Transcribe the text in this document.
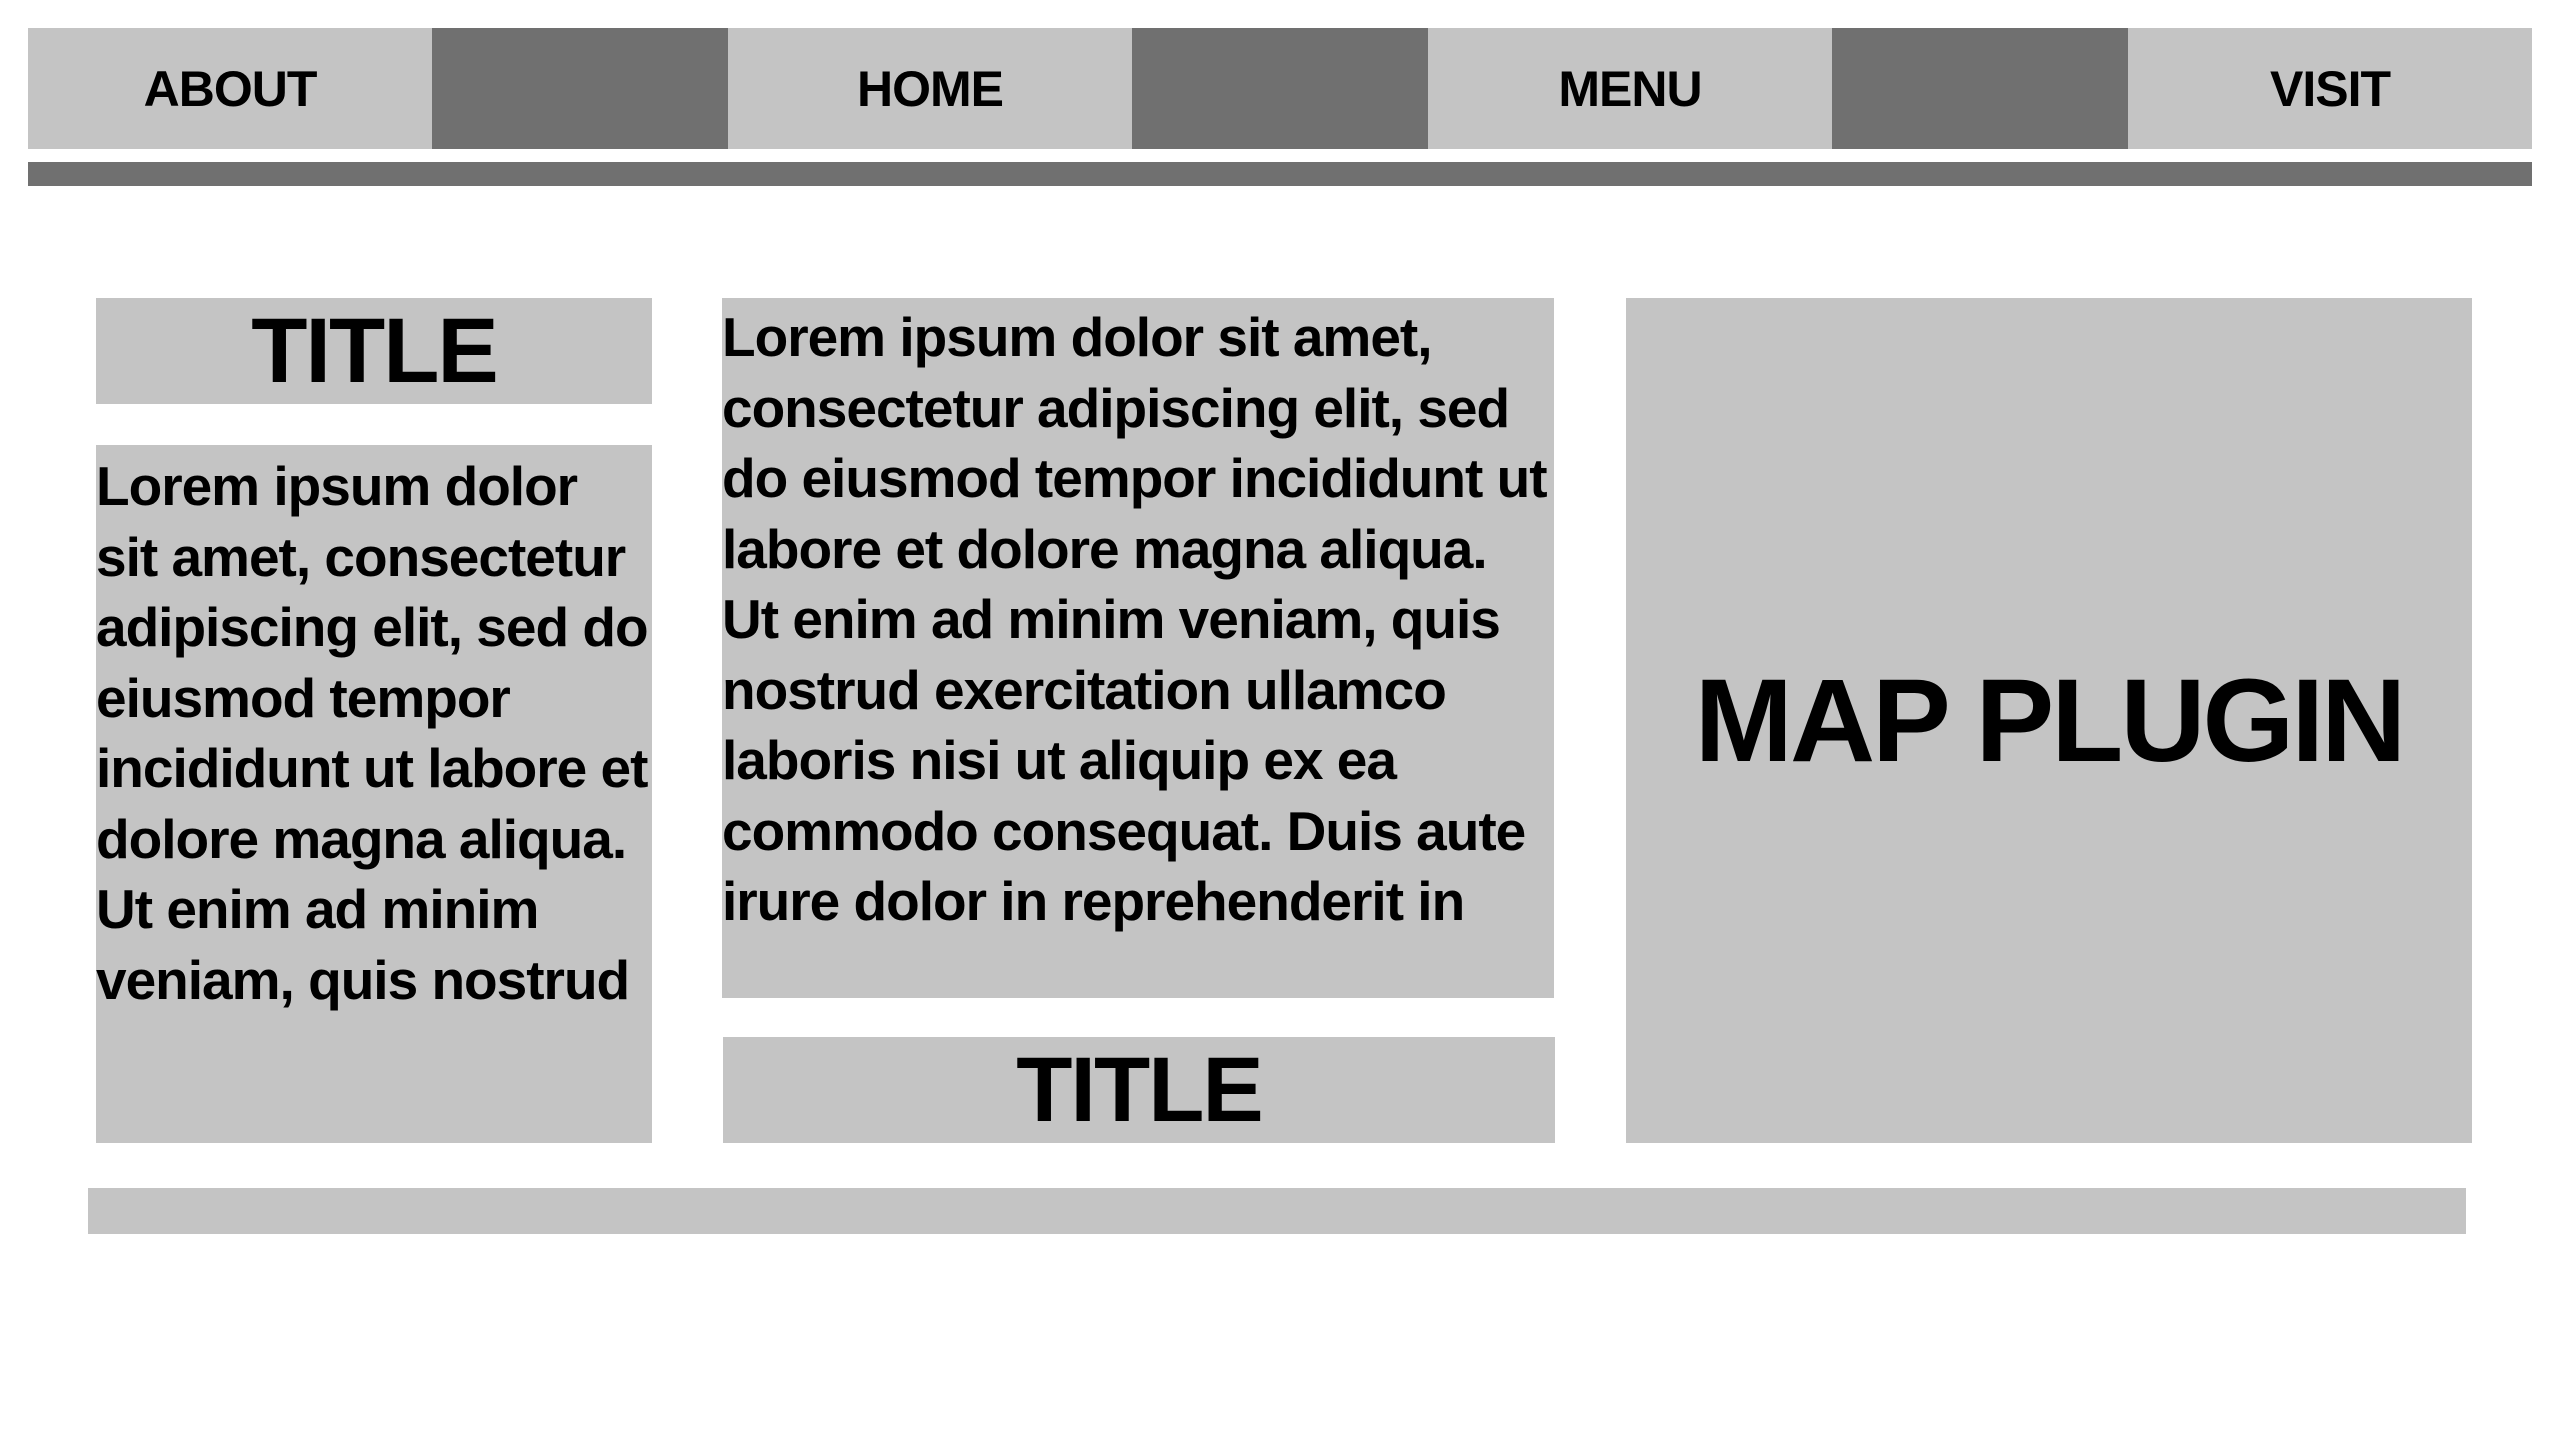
ABOUT	HOME	MENU	VISIT
TITLE
Lorem ipsum dolor sit amet, consectetur adipiscing elit, sed do eiusmod tempor incididunt ut labore et dolore magna aliqua. Ut enim ad minim veniam, quis nostrud
Lorem ipsum dolor sit amet, consectetur adipiscing elit, sed do eiusmod tempor incididunt ut labore et dolore magna aliqua. Ut enim ad minim veniam, quis nostrud exercitation ullamco laboris nisi ut aliquip ex ea commodo consequat. Duis aute irure dolor in reprehenderit in
TITLE
MAP PLUGIN
